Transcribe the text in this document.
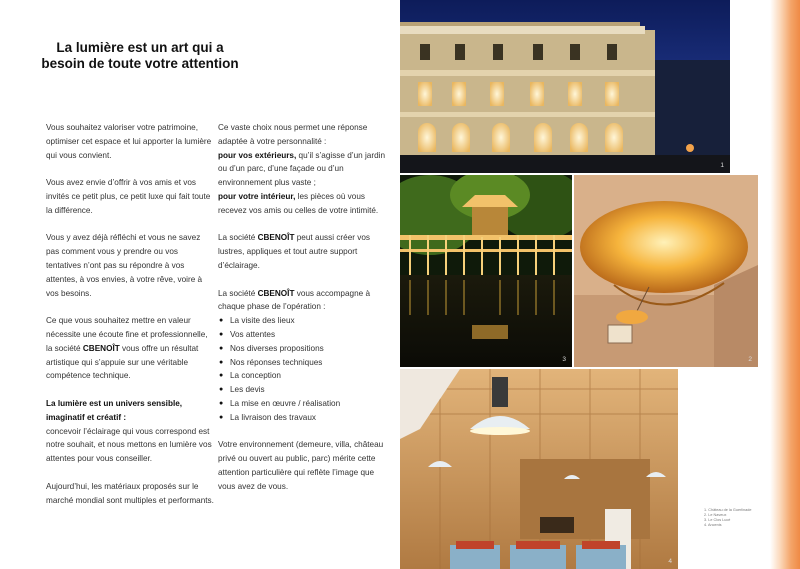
La lumière est un art qui a besoin de toute votre attention

Vous souhaitez valoriser votre patrimoine, optimiser cet espace et lui apporter la lumière qui vous convient.

Vous avez envie d’offrir à vos amis et vos invités ce petit plus, ce petit luxe qui fait toute la différence.

Vous y avez déjà réfléchi et vous ne savez pas comment vous y prendre ou vos tentatives n’ont pas su répondre à vos attentes, à vos envies, à votre rêve, voire à vos besoins.

Ce que vous souhaitez mettre en valeur nécessite une écoute fine et professionnelle, la société CBENOÎT vous offre un résultat artistique qui s’appuie sur une véritable compétence technique.

La lumière est un univers sensible, imaginatif et créatif :
concevoir l’éclairage qui vous correspond est notre souhait, et nous mettons en lumière vos attentes pour vous conseiller.

Aujourd’hui, les matériaux proposés sur le marché mondial sont multiples et performants.

Ce vaste choix nous permet une réponse adaptée à votre personnalité :
pour vos extérieurs, qu’il s’agisse d’un jardin ou d’un parc, d’une façade ou d’un environnement plus vaste ;

pour votre intérieur, les pièces où vous recevez vos amis ou celles de votre intimité.

La société CBENOÎT peut aussi créer vos lustres, appliques et tout autre support d’éclairage.

La société CBENOÎT vous accompagne à chaque phase de l’opération :

● La visite des lieux
● Vos attentes
● Nos diverses propositions
● Nos réponses techniques
● La conception
● Les devis
● La mise en œuvre / réalisation
● La livraison des travaux

Votre environnement (demeure, villa, château privé ou ouvert au public, parc) mérite cette attention particulière qui reflète l’image que vous avez de vous.

1
3	2
4
1. Château de la Guerlinade
2. Le Naveux
3. Le Clos Lucé
4. Ancenis
